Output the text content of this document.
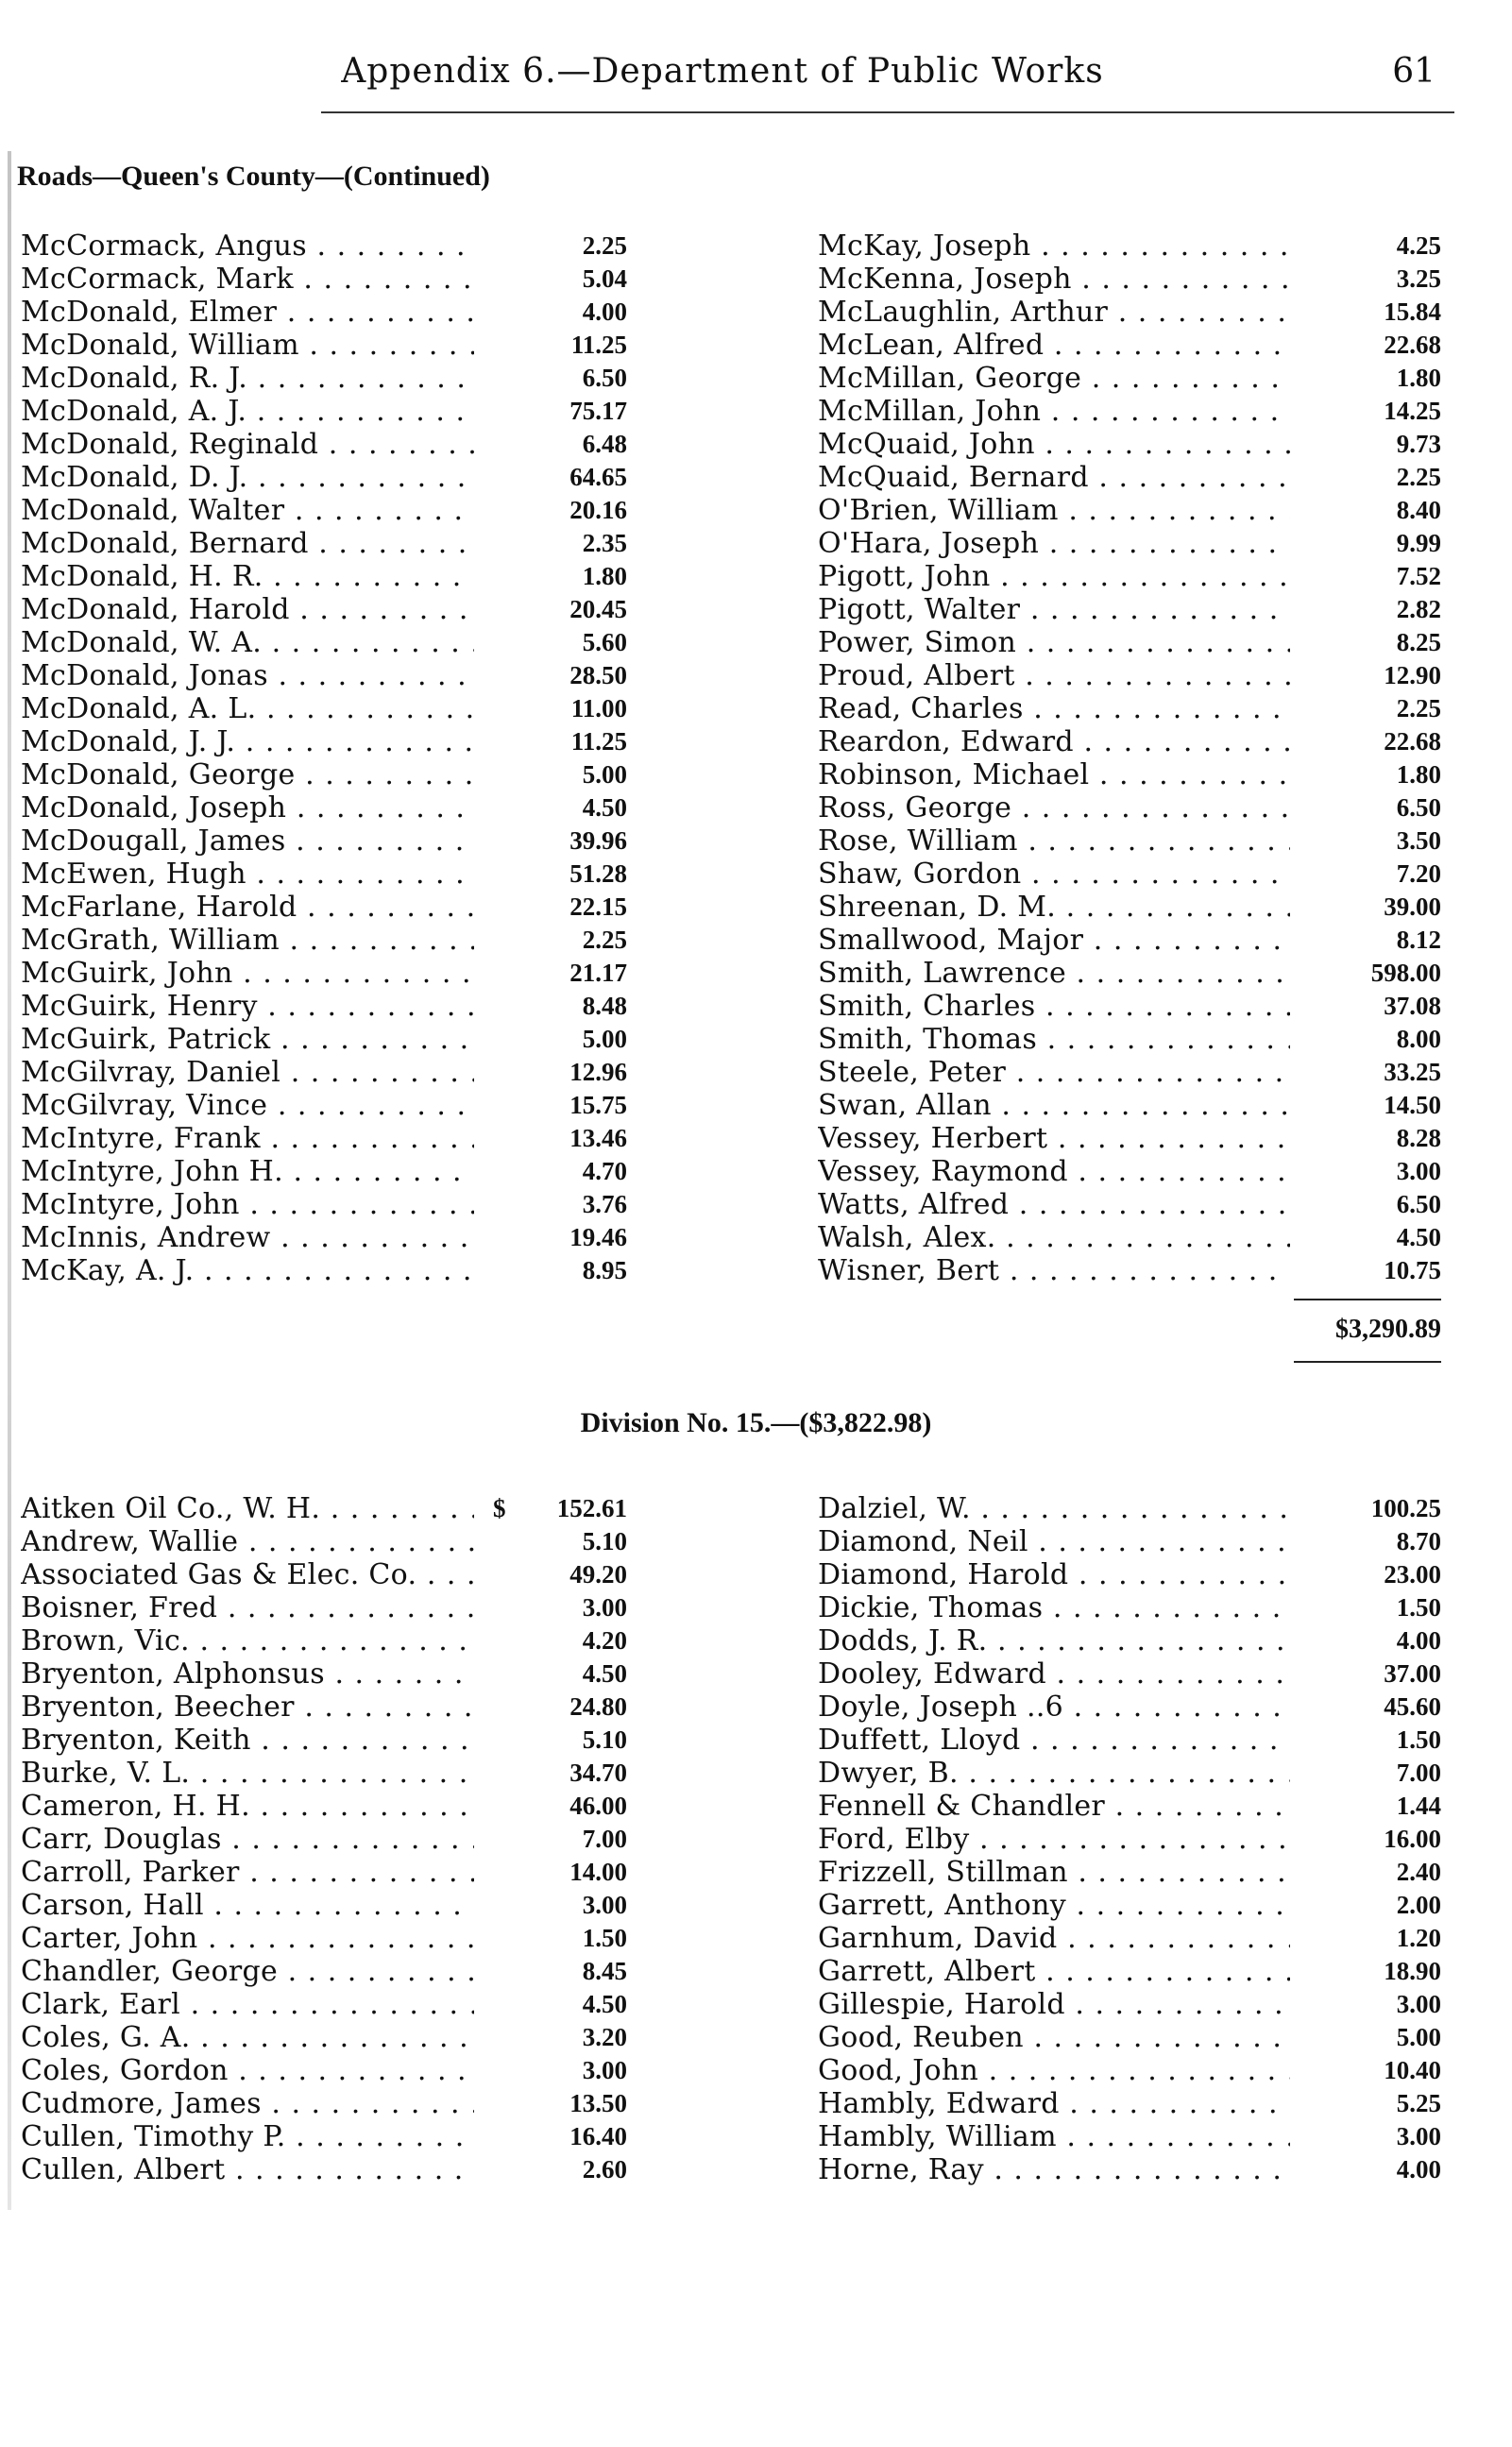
Appendix 6.—Department of Public Works	61
Roads—Queen's County—(Continued)
McCormack, Angus . . .	2.25
McCormack, Mark . . .	5.04
McDonald, Elmer . . .	4.00
McDonald, William . . .	11.25
McDonald, R. J. . . .	6.50
McDonald, A. J. . . .	75.17
McDonald, Reginald . . .	6.48
McDonald, D. J. . . .	64.65
McDonald, Walter . . .	20.16
McDonald, Bernard . . .	2.35
McDonald, H. R. . . .	1.80
McDonald, Harold . . .	20.45
McDonald, W. A. . . .	5.60
McDonald, Jonas . . .	28.50
McDonald, A. L. . . .	11.00
McDonald, J. J. . . .	11.25
McDonald, George . . .	5.00
McDonald, Joseph . . .	4.50
McDougall, James . . .	39.96
McEwen, Hugh . . .	51.28
McFarlane, Harold . . .	22.15
McGrath, William . . .	2.25
McGuirk, John . . .	21.17
McGuirk, Henry . . .	8.48
McGuirk, Patrick . . .	5.00
McGilvray, Daniel . . .	12.96
McGilvray, Vince . . .	15.75
McIntyre, Frank . . .	13.46
McIntyre, John H. . . .	4.70
McIntyre, John . . .	3.76
McInnis, Andrew . . .	19.46
McKay, A. J. . . .	8.95
McKay, Joseph . . .	4.25
McKenna, Joseph . . .	3.25
McLaughlin, Arthur . . .	15.84
McLean, Alfred . . .	22.68
McMillan, George . . .	1.80
McMillan, John . . .	14.25
McQuaid, John . . .	9.73
McQuaid, Bernard . . .	2.25
O'Brien, William . . .	8.40
O'Hara, Joseph . . .	9.99
Pigott, John . . .	7.52
Pigott, Walter . . .	2.82
Power, Simon . . .	8.25
Proud, Albert . . .	12.90
Read, Charles . . .	2.25
Reardon, Edward . . .	22.68
Robinson, Michael . . .	1.80
Ross, George . . .	6.50
Rose, William . . .	3.50
Shaw, Gordon . . .	7.20
Shreenan, D. M. . . .	39.00
Smallwood, Major . . .	8.12
Smith, Lawrence . . .	598.00
Smith, Charles . . .	37.08
Smith, Thomas . . .	8.00
Steele, Peter . . .	33.25
Swan, Allan . . .	14.50
Vessey, Herbert . . .	8.28
Vessey, Raymond . . .	3.00
Watts, Alfred . . .	6.50
Walsh, Alex. . . .	4.50
Wisner, Bert . . .	10.75
$3,290.89
Division No. 15.—($3,822.98)
Aitken Oil Co., W. H. . . .	$ 152.61
Andrew, Wallie . . .	5.10
Associated Gas & Elec. Co. . . .	49.20
Boisner, Fred . . .	3.00
Brown, Vic. . . .	4.20
Bryenton, Alphonsus . . .	4.50
Bryenton, Beecher . . .	24.80
Bryenton, Keith . . .	5.10
Burke, V. L. . . .	34.70
Cameron, H. H. . . .	46.00
Carr, Douglas . . .	7.00
Carroll, Parker . . .	14.00
Carson, Hall . . .	3.00
Carter, John . . .	1.50
Chandler, George . . .	8.45
Clark, Earl . . .	4.50
Coles, G. A. . . .	3.20
Coles, Gordon . . .	3.00
Cudmore, James . . .	13.50
Cullen, Timothy P. . . .	16.40
Cullen, Albert . . .	2.60
Dalziel, W. . . .	100.25
Diamond, Neil . . .	8.70
Diamond, Harold . . .	23.00
Dickie, Thomas . . .	1.50
Dodds, J. R. . . .	4.00
Dooley, Edward . . .	37.00
Doyle, Joseph ..6 . . .	45.60
Duffett, Lloyd . . .	1.50
Dwyer, B. . . .	7.00
Fennell & Chandler . . .	1.44
Ford, Elby . . .	16.00
Frizzell, Stillman . . .	2.40
Garrett, Anthony . . .	2.00
Garnhum, David . . .	1.20
Garrett, Albert . . .	18.90
Gillespie, Harold . . .	3.00
Good, Reuben . . .	5.00
Good, John . . .	10.40
Hambly, Edward . . .	5.25
Hambly, William . . .	3.00
Horne, Ray . . .	4.00
